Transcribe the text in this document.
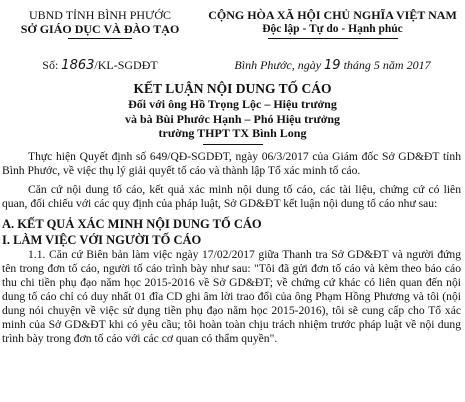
UBND TỈNH BÌNH PHƯỚC
SỞ GIÁO DỤC VÀ ĐÀO TẠO
CỘNG HÒA XÃ HỘI CHỦ NGHĨA VIỆT NAM
Độc lập - Tự do - Hạnh phúc
Số: 1863/KL-SGDĐT	Bình Phước, ngày 19 tháng 5 năm 2017
KẾT LUẬN NỘI DUNG TỐ CÁO
Đối với ông Hồ Trọng Lộc – Hiệu trưởng
và bà Bùi Phước Hạnh – Phó Hiệu trưởng
trường THPT TX Bình Long

Thực hiện Quyết định số 649/QĐ-SGDĐT, ngày 06/3/2017 của Giám đốc Sở GD&ĐT tỉnh Bình Phước, về việc thụ lý giải quyết tố cáo và thành lập Tổ xác minh tố cáo.

Căn cứ nội dung tố cáo, kết quả xác minh nội dung tố cáo, các tài liệu, chứng cứ có liên quan, đối chiếu với các quy định của pháp luật, Sở GD&ĐT kết luận nội dung tố cáo như sau:

A. KẾT QUẢ XÁC MINH NỘI DUNG TỐ CÁO

I. LÀM VIỆC VỚI NGƯỜI TỐ CÁO

1.1. Căn cứ Biên bản làm việc ngày 17/02/2017 giữa Thanh tra Sở GD&ĐT và người đứng tên trong đơn tố cáo, người tố cáo trình bày như sau: "Tôi đã gửi đơn tố cáo và kèm theo báo cáo thu chi tiền phụ đạo năm học 2015-2016 về Sở GD&ĐT; về chứng cứ khác có liên quan đến nội dung tố cáo chỉ có duy nhất 01 đĩa CD ghi âm lời trao đổi của ông Phạm Hồng Phương và tôi (nội dung nói chuyện về việc sử dụng tiền phụ đạo năm học 2015-2016), tôi sẽ cung cấp cho Tổ xác minh của Sở GD&ĐT khi có yêu cầu; tôi hoàn toàn chịu trách nhiệm trước pháp luật về nội dung trình bày trong đơn tố cáo với các cơ quan có thẩm quyền".
